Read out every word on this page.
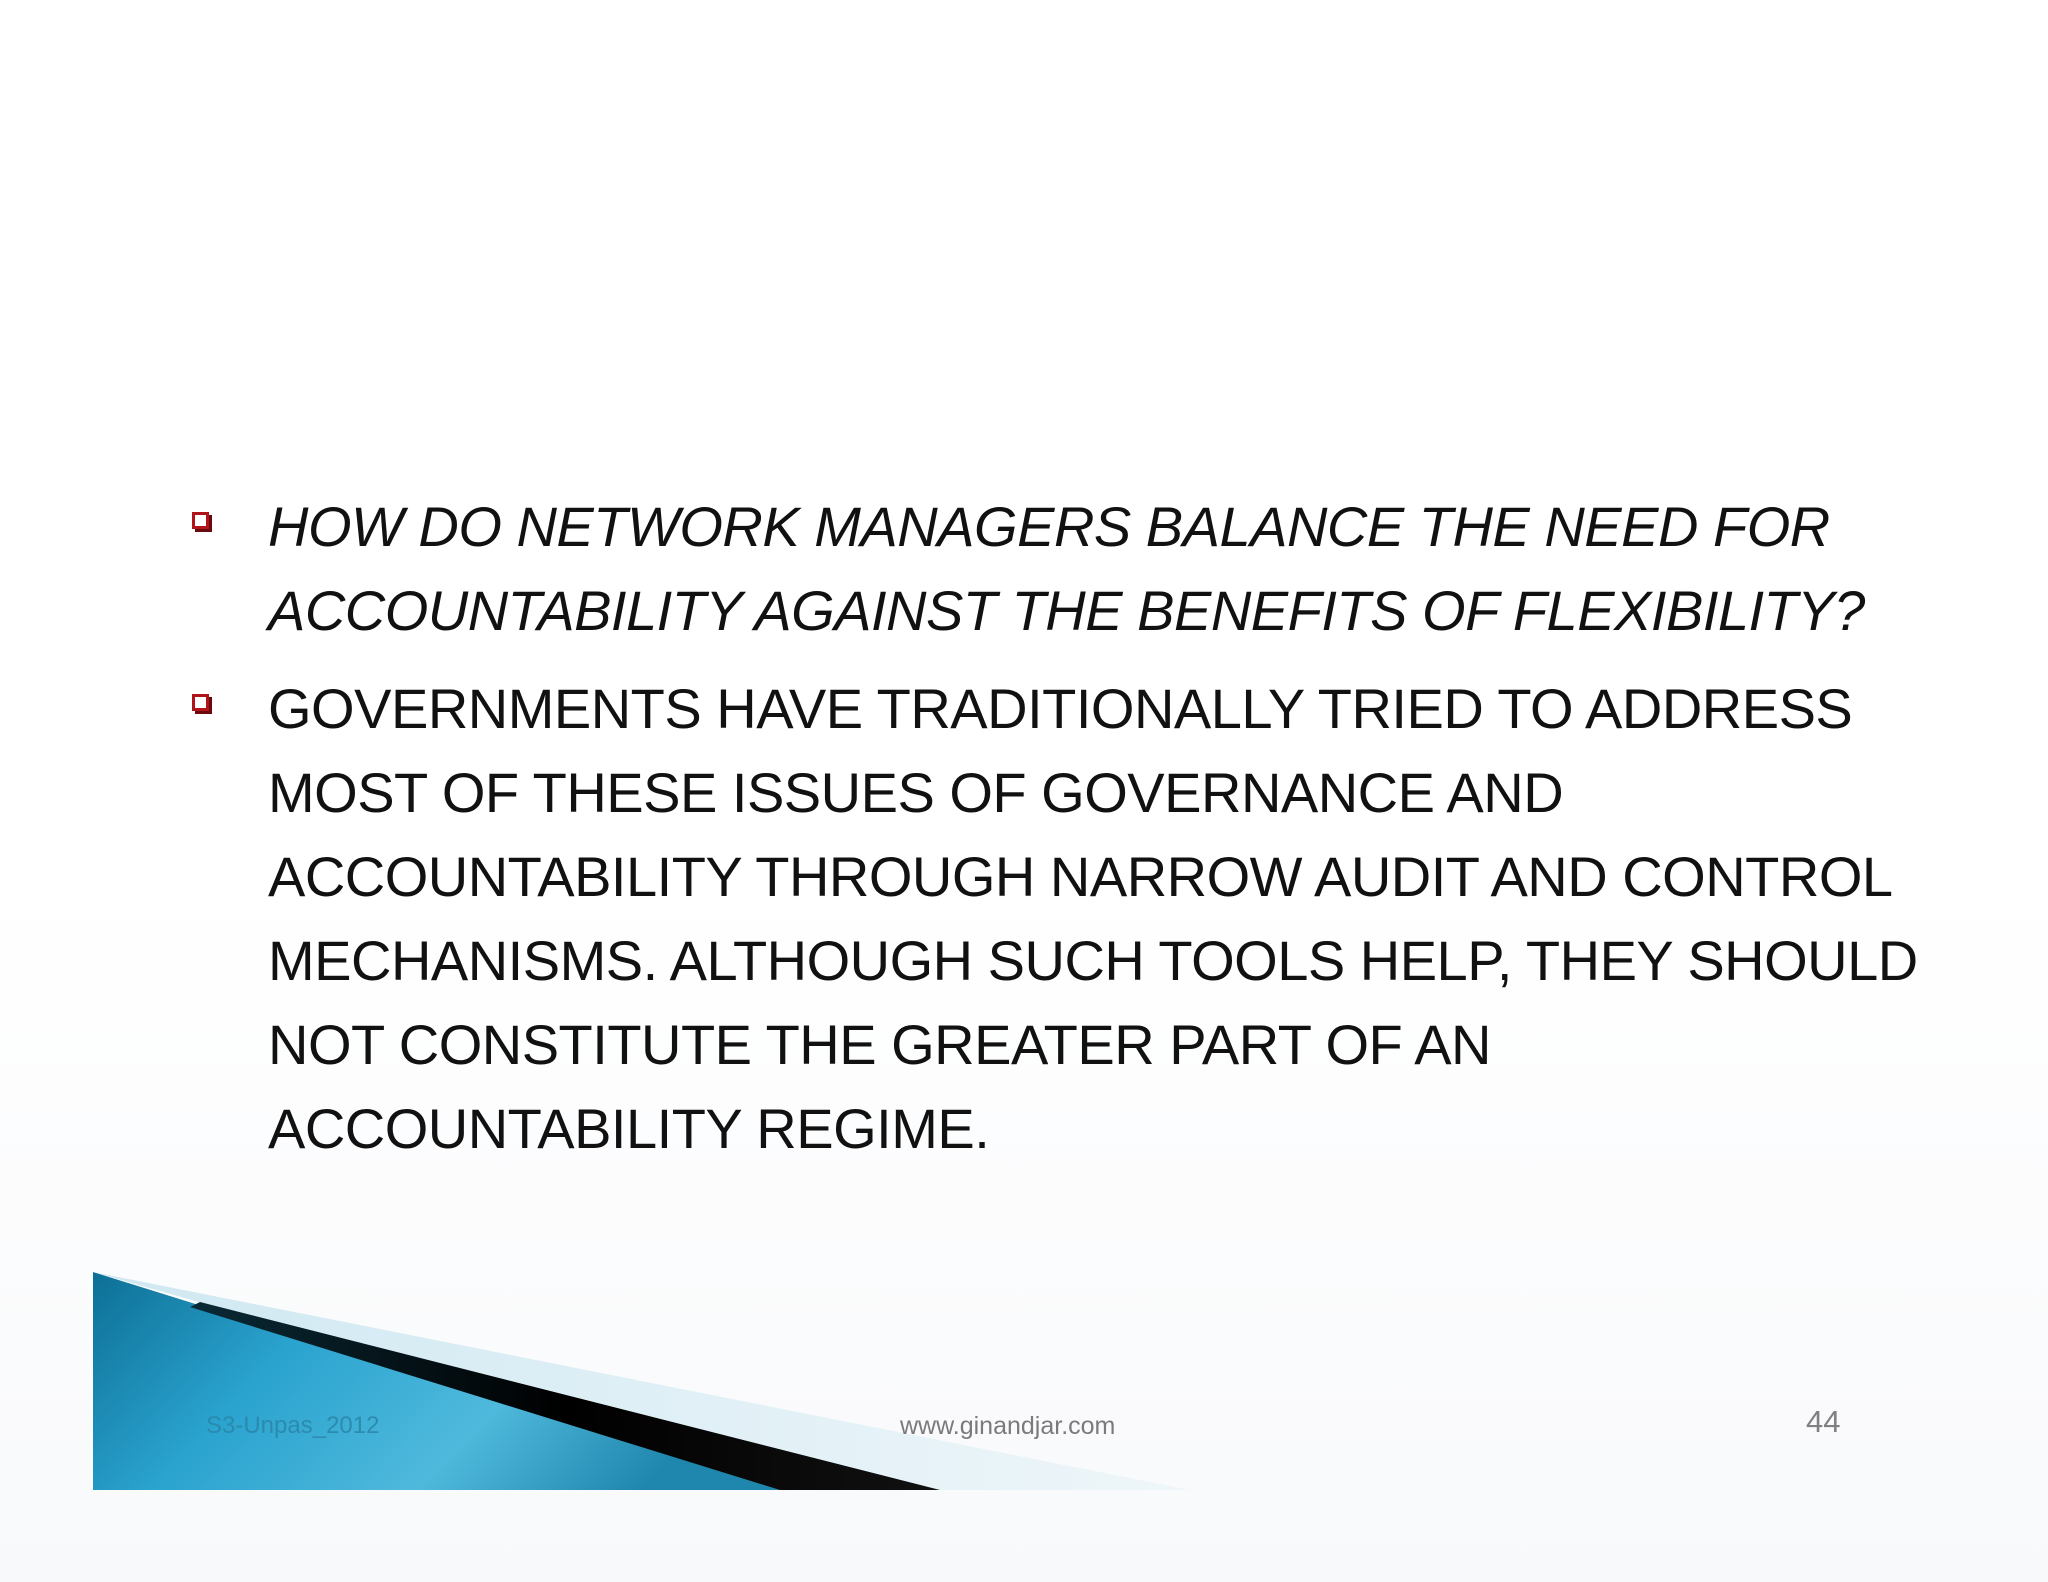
HOW DO NETWORK MANAGERS BALANCE THE NEED FOR ACCOUNTABILITY AGAINST THE BENEFITS OF FLEXIBILITY?

GOVERNMENTS HAVE TRADITIONALLY TRIED TO ADDRESS MOST OF THESE ISSUES OF GOVERNANCE AND ACCOUNTABILITY THROUGH NARROW AUDIT AND CONTROL MECHANISMS. ALTHOUGH SUCH TOOLS HELP, THEY SHOULD NOT CONSTITUTE THE GREATER PART OF AN ACCOUNTABILITY REGIME.

S3-Unpas_2012	www.ginandjar.com	44
